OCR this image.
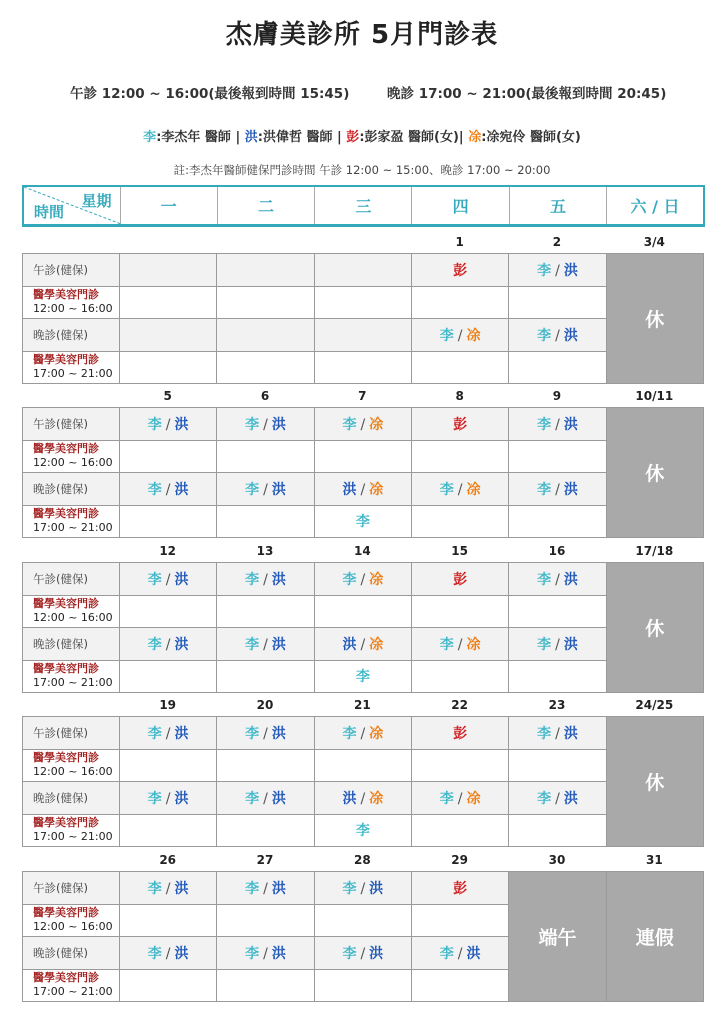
杰膚美診所 5月門診表
午診 12:00 ~ 16:00(最後報到時間 15:45)	晚診 17:00 ~ 21:00(最後報到時間 20:45)
李:李杰年 醫師 | 洪:洪偉哲 醫師 | 彭:彭家盈 醫師(女)| 凃:凃宛伶 醫師(女)
註:李杰年醫師健保門診時間 午診 12:00 ~ 15:00、晚診 17:00 ~ 20:00
星期
時間	一	二	三	四	五	六 / 日
				1	2	3/4
午診(健保)				彭	李 / 洪	休
醫學美容門診
12:00 ~ 16:00						
晚診(健保)				李 / 凃	李 / 洪	
醫學美容門診
17:00 ~ 21:00						
	5	6	7	8	9	10/11
午診(健保)	李 / 洪	李 / 洪	李 / 凃	彭	李 / 洪	休
醫學美容門診
12:00 ~ 16:00						
晚診(健保)	李 / 洪	李 / 洪	洪 / 凃	李 / 凃	李 / 洪	
醫學美容門診
17:00 ~ 21:00			李			
	12	13	14	15	16	17/18
午診(健保)	李 / 洪	李 / 洪	李 / 凃	彭	李 / 洪	休
醫學美容門診
12:00 ~ 16:00						
晚診(健保)	李 / 洪	李 / 洪	洪 / 凃	李 / 凃	李 / 洪	
醫學美容門診
17:00 ~ 21:00			李			
	19	20	21	22	23	24/25
午診(健保)	李 / 洪	李 / 洪	李 / 凃	彭	李 / 洪	休
醫學美容門診
12:00 ~ 16:00						
晚診(健保)	李 / 洪	李 / 洪	洪 / 凃	李 / 凃	李 / 洪	
醫學美容門診
17:00 ~ 21:00			李			
	26	27	28	29	30	31
午診(健保)	李 / 洪	李 / 洪	李 / 洪	彭	端午	連假
醫學美容門診
12:00 ~ 16:00						
晚診(健保)	李 / 洪	李 / 洪	李 / 洪	李 / 洪		
醫學美容門診
17:00 ~ 21:00						
